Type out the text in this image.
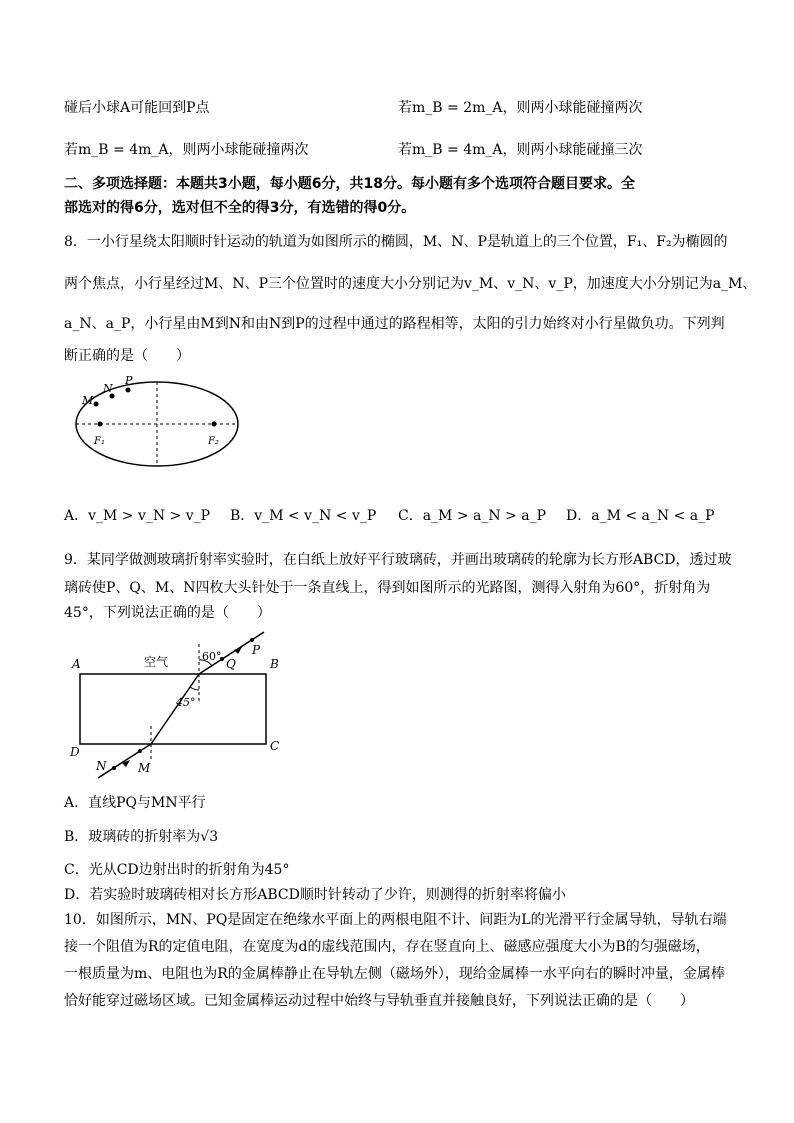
碰后小球A可能回到P点	若m_B = 2m_A，则两小球能碰撞两次
若m_B = 4m_A，则两小球能碰撞两次	若m_B = 4m_A，则两小球能碰撞三次
二、多项选择题：本题共3小题，每小题6分，共18分。每小题有多个选项符合题目要求。全
部选对的得6分，选对但不全的得3分，有选错的得0分。
8．一小行星绕太阳顺时针运动的轨道为如图所示的椭圆，M、N、P是轨道上的三个位置，F₁、F₂为椭圆的
两个焦点，小行星经过M、N、P三个位置时的速度大小分别记为v_M、v_N、v_P，加速度大小分别记为a_M、
a_N、a_P，小行星由M到N和由N到P的过程中通过的路程相等，太阳的引力始终对小行星做负功。下列判
断正确的是（　　）
M
N
P
F₁	F₂
A．v_M > v_N > v_P B．v_M < v_N < v_P C．a_M > a_N > a_P D．a_M < a_N < a_P
9．某同学做测玻璃折射率实验时，在白纸上放好平行玻璃砖，并画出玻璃砖的轮廓为长方形ABCD，透过玻
璃砖使P、Q、M、N四枚大头针处于一条直线上，得到如图所示的光路图，测得入射角为60°，折射角为
45°，下列说法正确的是（　　）
A	B
C
D
空气	60°
45°
P
Q
M
N
A．直线PQ与MN平行
B．玻璃砖的折射率为√3
C．光从CD边射出时的折射角为45°
D．若实验时玻璃砖相对长方形ABCD顺时针转动了少许，则测得的折射率将偏小
10．如图所示，MN、PQ是固定在绝缘水平面上的两根电阻不计、间距为L的光滑平行金属导轨，导轨右端
接一个阻值为R的定值电阻，在宽度为d的虚线范围内，存在竖直向上、磁感应强度大小为B的匀强磁场，
一根质量为m、电阻也为R的金属棒静止在导轨左侧（磁场外），现给金属棒一水平向右的瞬时冲量，金属棒
恰好能穿过磁场区域。已知金属棒运动过程中始终与导轨垂直并接触良好，下列说法正确的是（　　）
